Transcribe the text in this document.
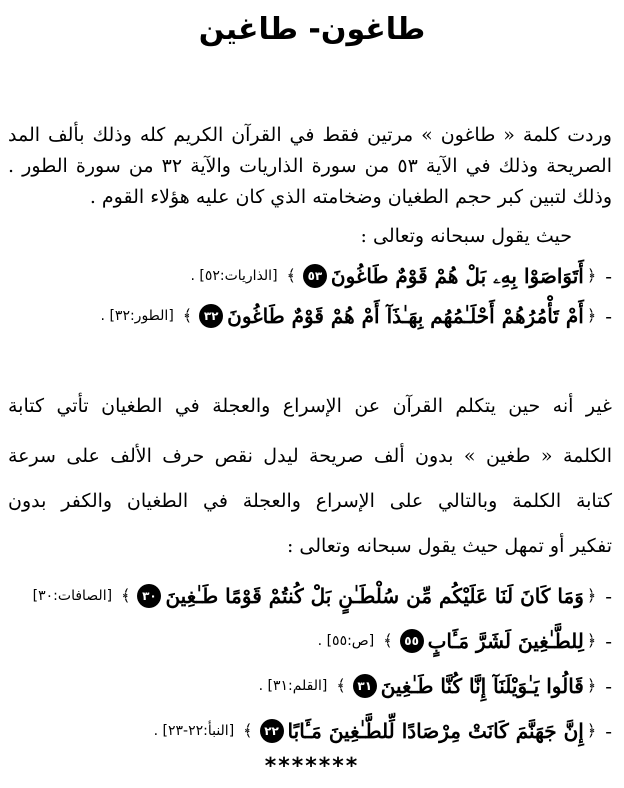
طاغون- طاغين
وردت كلمة « طاغون » مرتين فقط في القرآن الكريم كله وذلك بألف المد
الصريحة وذلك في الآية ٥٣ من سورة الذاريات والآية ٣٢ من سورة الطور .
وذلك لتبين كبر حجم الطغيان وضخامته الذي كان عليه هؤلاء القوم .
حيث يقول سبحانه وتعالى :
-
﴿
أَتَوَاصَوْا بِهِۦ بَلْ هُمْ قَوْمٌ طَاغُونَ
٥٣
﴾
[الذاريات:٥٢] .
-
﴿
أَمْ تَأْمُرُهُمْ أَحْلَـٰمُهُم بِهَـٰذَآ أَمْ هُمْ قَوْمٌ طَاغُونَ
٣٢
﴾
[الطور:٣٢] .
غير أنه حين يتكلم القرآن عن الإسراع والعجلة في الطغيان تأتي كتابة
الكلمة « طغين » بدون ألف صريحة ليدل نقص حرف الألف على سرعة
كتابة الكلمة وبالتالي على الإسراع والعجلة في الطغيان والكفر بدون
تفكير أو تمهل حيث يقول سبحانه وتعالى :
-
﴿
وَمَا كَانَ لَنَا عَلَيْكُم مِّن سُلْطَـٰنٍ بَلْ كُنتُمْ قَوْمًا طَـٰغِينَ
٣٠
﴾
[الصافات:٣٠]
-
﴿
لِلطَّـٰغِينَ لَشَرَّ مَـَٔابٍ
٥٥
﴾
[ص:٥٥] .
-
﴿
قَالُوا يَـٰوَيْلَنَآ إِنَّا كُنَّا طَـٰغِينَ
٣١
﴾
[القلم:٣١] .
-
﴿
إِنَّ جَهَنَّمَ كَانَتْ مِرْصَادًا لِّلطَّـٰغِينَ مَـَٔابًا
٢٢
﴾
[النبأ:٢٢-٢٣] .
*******
